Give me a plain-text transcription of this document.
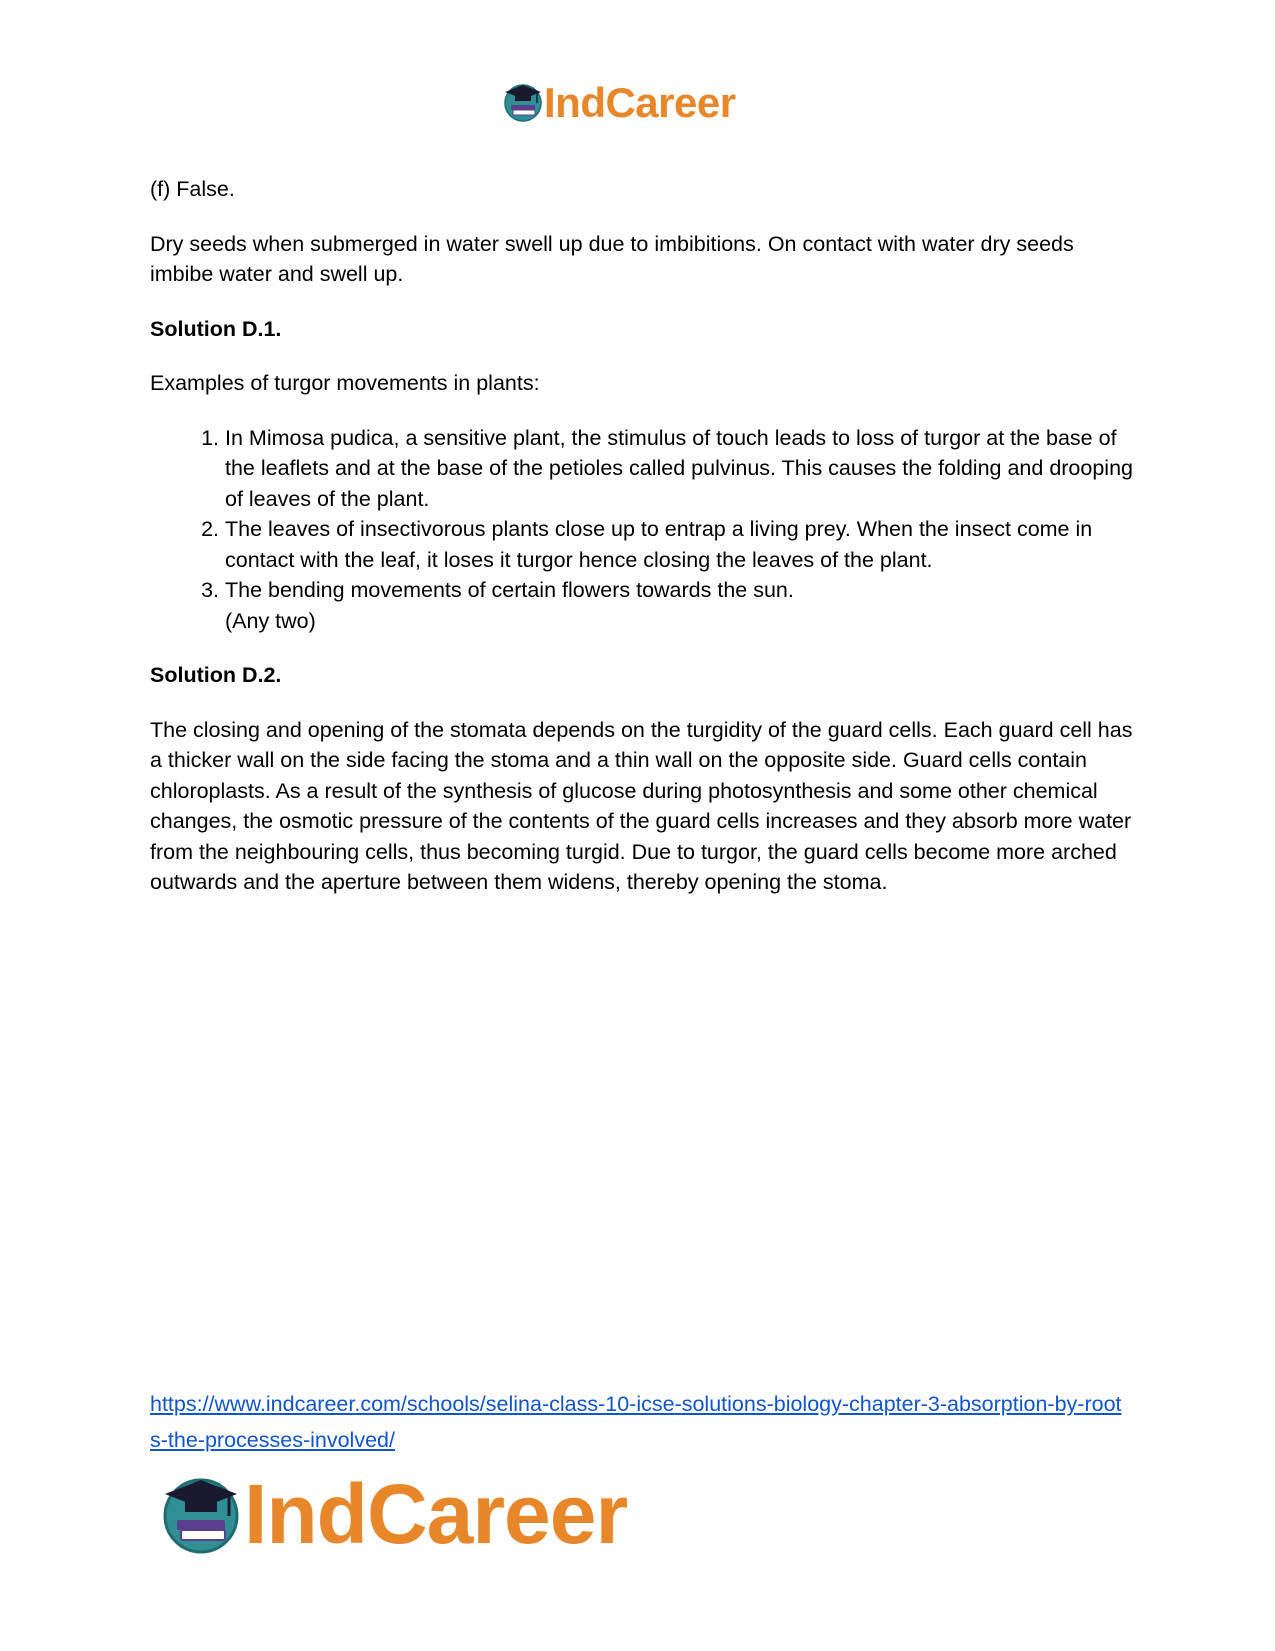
IndCareer

(f) False.

Dry seeds when submerged in water swell up due to imbibitions. On contact with water dry seeds imbibe water and swell up.

Solution D.1.

Examples of turgor movements in plants:

1. In Mimosa pudica, a sensitive plant, the stimulus of touch leads to loss of turgor at the base of the leaflets and at the base of the petioles called pulvinus. This causes the folding and drooping of leaves of the plant.
2. The leaves of insectivorous plants close up to entrap a living prey. When the insect come in contact with the leaf, it loses it turgor hence closing the leaves of the plant.
3. The bending movements of certain flowers towards the sun.
(Any two)

Solution D.2.

The closing and opening of the stomata depends on the turgidity of the guard cells. Each guard cell has a thicker wall on the side facing the stoma and a thin wall on the opposite side. Guard cells contain chloroplasts. As a result of the synthesis of glucose during photosynthesis and some other chemical changes, the osmotic pressure of the contents of the guard cells increases and they absorb more water from the neighbouring cells, thus becoming turgid. Due to turgor, the guard cells become more arched outwards and the aperture between them widens, thereby opening the stoma.

https://www.indcareer.com/schools/selina-class-10-icse-solutions-biology-chapter-3-absorption-by-roots-the-processes-involved/
IndCareer
